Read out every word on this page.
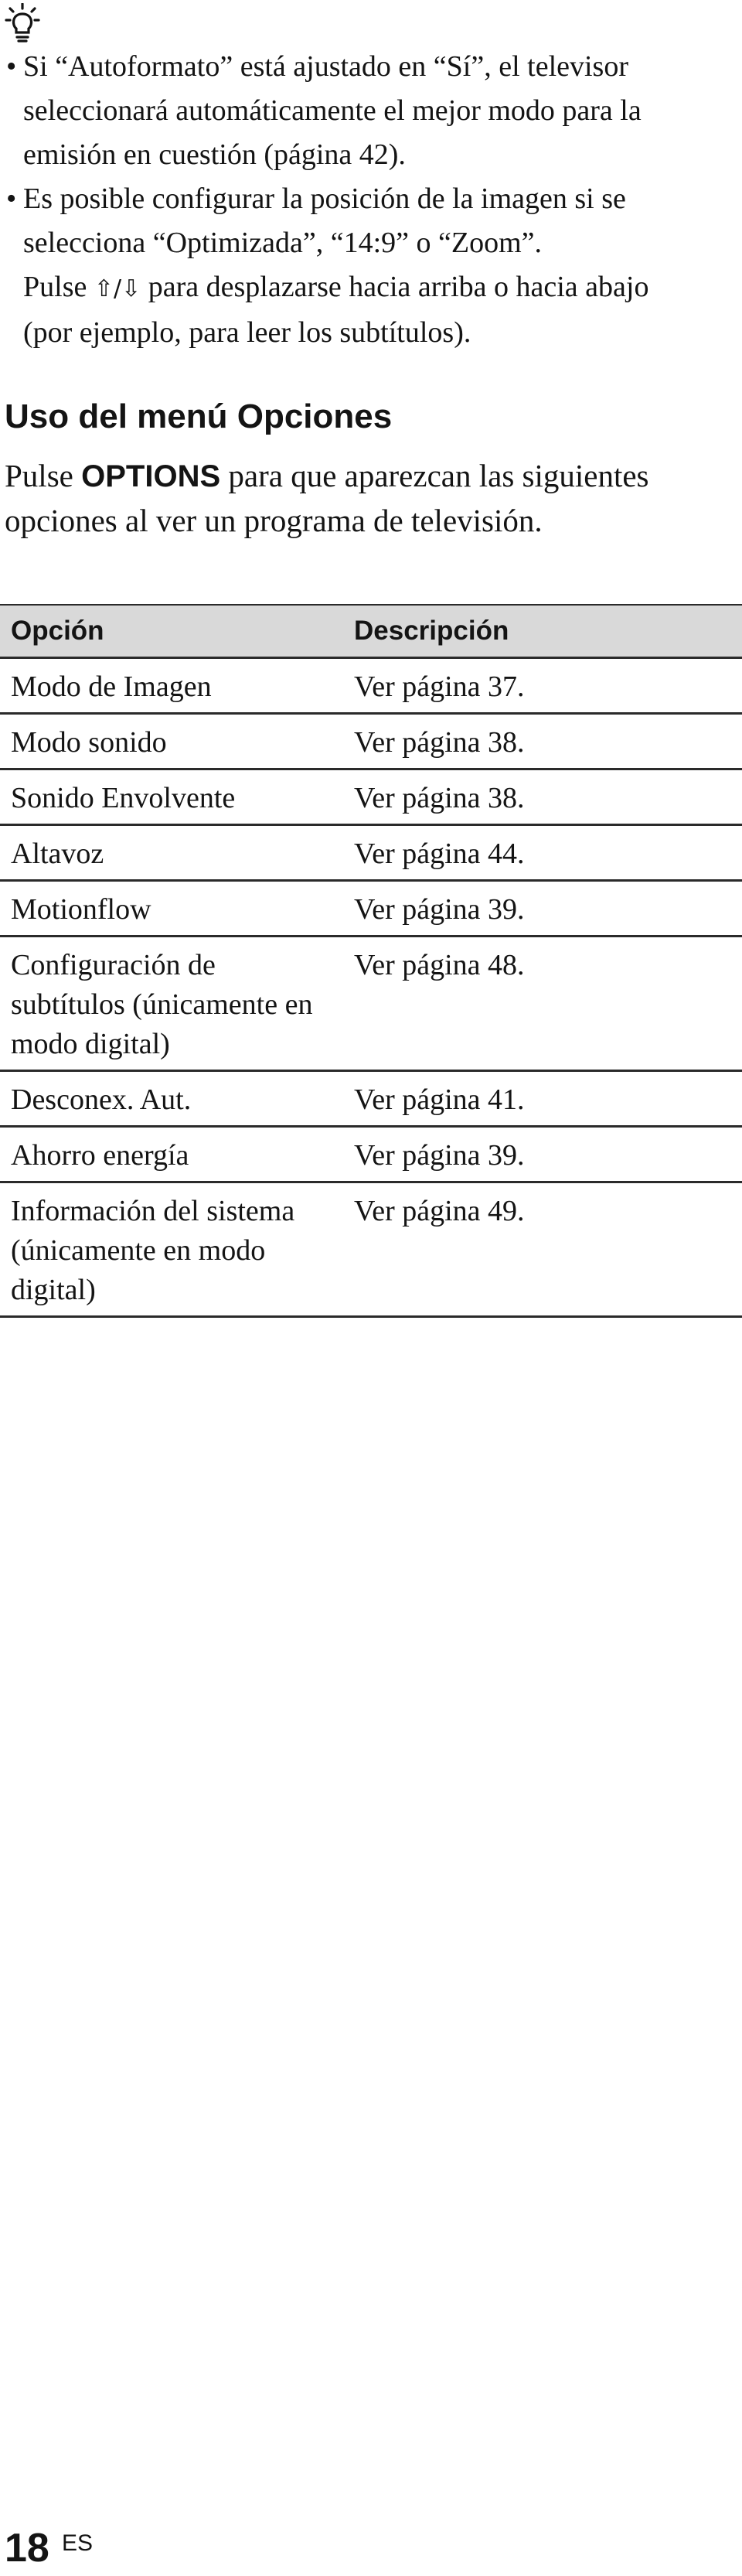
• Si “Autoformato” está ajustado en “Sí”, el televisor seleccionará automáticamente el mejor modo para la emisión en cuestión (página 42).
• Es posible configurar la posición de la imagen si se selecciona “Optimizada”, “14:9” o “Zoom”.
Pulse ⇧/⇩ para desplazarse hacia arriba o hacia abajo (por ejemplo, para leer los subtítulos).
Uso del menú Opciones

Pulse OPTIONS para que aparezcan las siguientes opciones al ver un programa de televisión.

Opción	Descripción
Modo de Imagen	Ver página 37.
Modo sonido	Ver página 38.
Sonido Envolvente	Ver página 38.
Altavoz	Ver página 44.
Motionflow	Ver página 39.
Configuración de subtítulos (únicamente en modo digital)	Ver página 48.
Desconex. Aut.	Ver página 41.
Ahorro energía	Ver página 39.
Información del sistema (únicamente en modo digital)	Ver página 49.
18 ES
